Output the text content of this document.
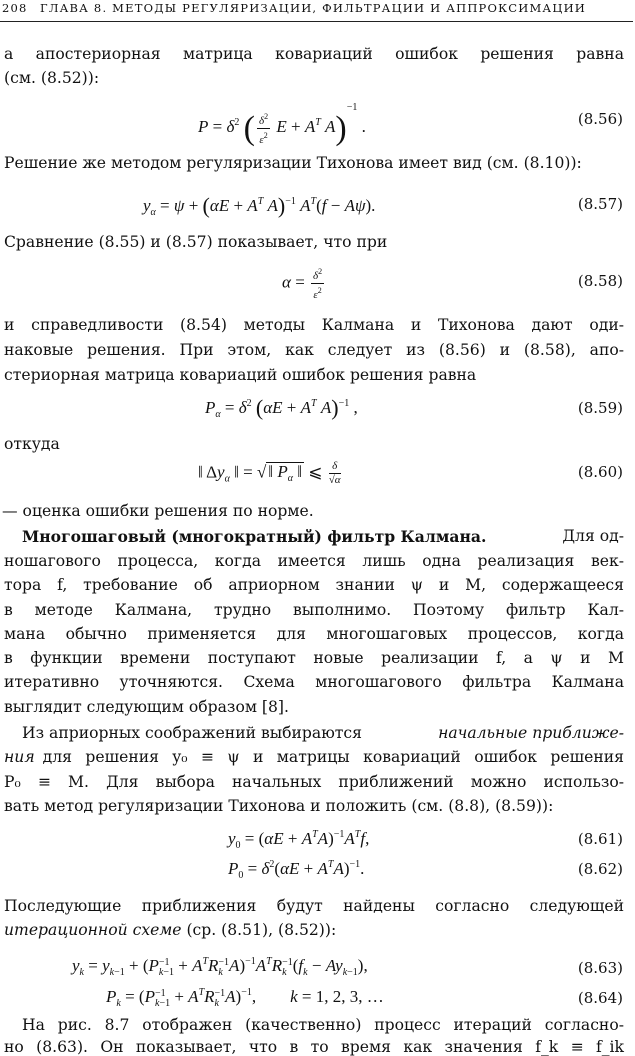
208 ГЛАВА 8. МЕТОДЫ РЕГУЛЯРИЗАЦИИ, ФИЛЬТРАЦИИ И АППРОКСИМАЦИИ
а апостериорная матрица ковариаций ошибок решения равна
(см. (8.52)):
$P = \delta^2$ ( $\frac{\delta^2}{\varepsilon^2}$ $E + A^T$ A)$^{-1}$ .	(8.56)
Решение же методом регуляризации Тихонова имеет вид (см. (8.10)):
$y_\alpha = \psi + (\alpha E + A^T$ A)$^{-1}$ $A^T(f - A\psi)$.	(8.57)
Сравнение (8.55) и (8.57) показывает, что при
$\alpha = \frac{\delta^2}{\varepsilon^2}$	(8.58)
и справедливости (8.54) методы Калмана и Тихонова дают оди-
наковые решения. При этом, как следует из (8.56) и (8.58), апо-
стериорная матрица ковариаций ошибок решения равна
$P_\alpha = \delta^2$ ($\alpha E + A^T$ A)$^{-1}$ ,	(8.59)
откуда
‖ $\Delta y_\alpha$ ‖ = √ ‖ $P_\alpha$ ‖ ⩽ $\frac{\delta}{√\alpha}$	(8.60)
— оценка ошибки решения по норме.
Многошаговый (многократный) фильтр Калмана.	Для од-
ношагового процесса, когда имеется лишь одна реализация век-
тора f, требование об априорном знании ψ и M, содержащееся
в методе Калмана, трудно выполнимо. Поэтому фильтр Кал-
мана обычно применяется для многошаговых процессов, когда
в функции времени поступают новые реализации f, а ψ и M
итеративно уточняются. Схема многошагового фильтра Калмана
выглядит следующим образом [8].
Из априорных соображений выбираются	начальные приближе-
ния для решения y₀ ≡ ψ и матрицы ковариаций ошибок решения
P₀ ≡ M. Для выбора начальных приближений можно использо-
вать метод регуляризации Тихонова и положить (см. (8.8), (8.59)):
$y_0 = (\alpha E + A^TA)^{-1}A^Tf$,	(8.61)
$P_0 = \delta^2(\alpha E + A^TA)^{-1}$.	(8.62)
Последующие приближения будут найдены согласно следующей
итерационной схеме (ср. (8.51), (8.52)):
$y_k = y_{k-1} + (P -1$
$k-1 + A^TR -1$
k $A)^{-1}A^TR -1$
k $(f_k - Ay_{k-1})$,	(8.63)
$P_k = (P -1$
$k-1 + A^TR -1$
k A)$^{-1}$,        k = 1, 2, 3, …	(8.64)
На рис. 8.7 отображен (качественно) процесс итераций согласно-
но (8.63). Он показывает, что в то время как значения f_k ≡ f_ik
